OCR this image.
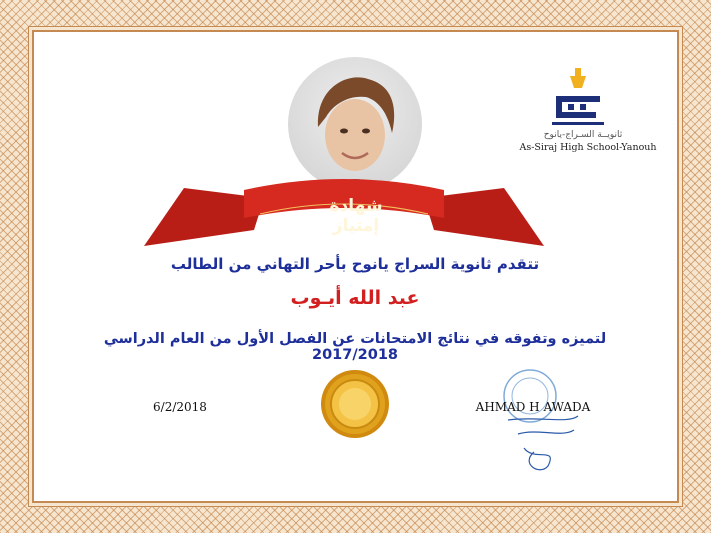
شهادة إمتياز
ثانويــة السـراج-يانوح
As-Siraj High School-Yanouh
تتقدم ثانوية السراج يانوح بأحر التهاني من الطالب
عبد الله أيـوب
لتميزه وتفوقه في نتائج الامتحانات عن الفصل الأول من العام الدراسي 2017/2018
6/2/2018	AHMAD H AWADA
